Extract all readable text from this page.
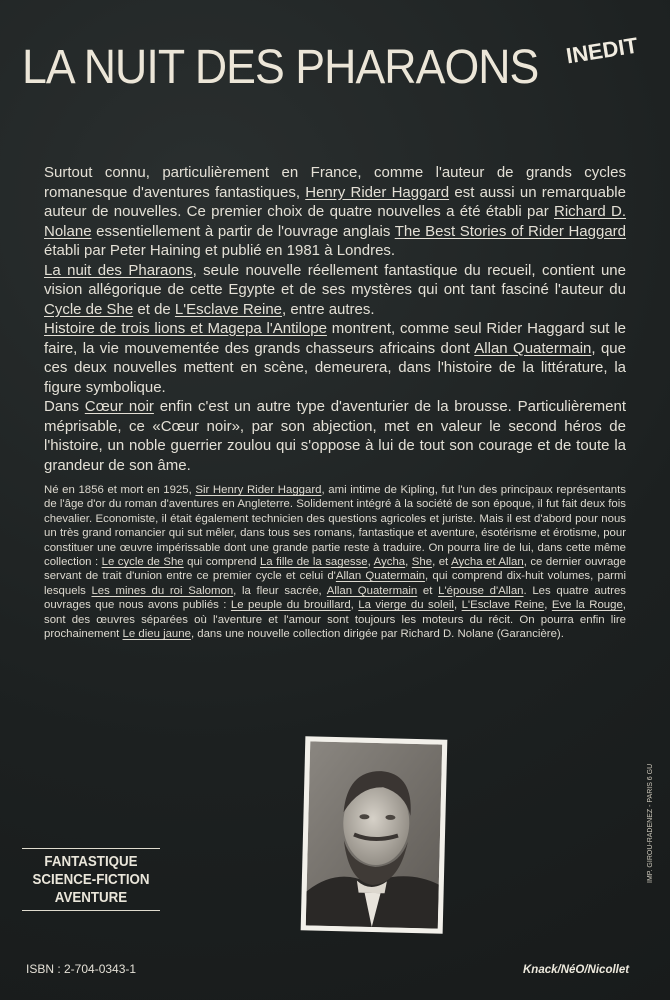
LA NUIT DES PHARAONS INEDIT

Surtout connu, particulièrement en France, comme l'auteur de grands cycles romanesque d'aventures fantastiques, Henry Rider Haggard est aussi un remarquable auteur de nouvelles. Ce premier choix de quatre nouvelles a été établi par Richard D. Nolane essentiellement à partir de l'ouvrage anglais The Best Stories of Rider Haggard établi par Peter Haining et publié en 1981 à Londres.

La nuit des Pharaons, seule nouvelle réellement fantastique du recueil, contient une vision allégorique de cette Egypte et de ses mystères qui ont tant fasciné l'auteur du Cycle de She et de L'Esclave Reine, entre autres.

Histoire de trois lions et Magepa l'Antilope montrent, comme seul Rider Haggard sut le faire, la vie mouvementée des grands chasseurs africains dont Allan Quatermain, que ces deux nouvelles mettent en scène, demeurera, dans l'histoire de la littérature, la figure symbolique.

Dans Cœur noir enfin c'est un autre type d'aventurier de la brousse. Particulièrement méprisable, ce «Cœur noir», par son abjection, met en valeur le second héros de l'histoire, un noble guerrier zoulou qui s'oppose à lui de tout son courage et de toute la grandeur de son âme.

Né en 1856 et mort en 1925, Sir Henry Rider Haggard, ami intime de Kipling, fut l'un des principaux représentants de l'âge d'or du roman d'aventures en Angleterre. Solidement intégré à la société de son époque, il fut fait deux fois chevalier. Economiste, il était également technicien des questions agricoles et juriste. Mais il est d'abord pour nous un très grand romancier qui sut mêler, dans tous ses romans, fantastique et aventure, ésotérisme et érotisme, pour constituer une œuvre impérissable dont une grande partie reste à traduire. On pourra lire de lui, dans cette même collection : Le cycle de She qui comprend La fille de la sagesse, Aycha, She, et Aycha et Allan, ce dernier ouvrage servant de trait d'union entre ce premier cycle et celui d'Allan Quatermain, qui comprend dix-huit volumes, parmi lesquels Les mines du roi Salomon, la fleur sacrée, Allan Quatermain et L'épouse d'Allan. Les quatre autres ouvrages que nous avons publiés : Le peuple du brouillard, La vierge du soleil, L'Esclave Reine, Eve la Rouge, sont des œuvres séparées où l'aventure et l'amour sont toujours les moteurs du récit. On pourra enfin lire prochainement Le dieu jaune, dans une nouvelle collection dirigée par Richard D. Nolane (Garancière).
FANTASTIQUE
SCIENCE-FICTION
AVENTURE
ISBN : 2-704-0343-1	Knack/NéO/Nicollet
IMP. GIROU-RADENEZ - PARIS 6 GU
